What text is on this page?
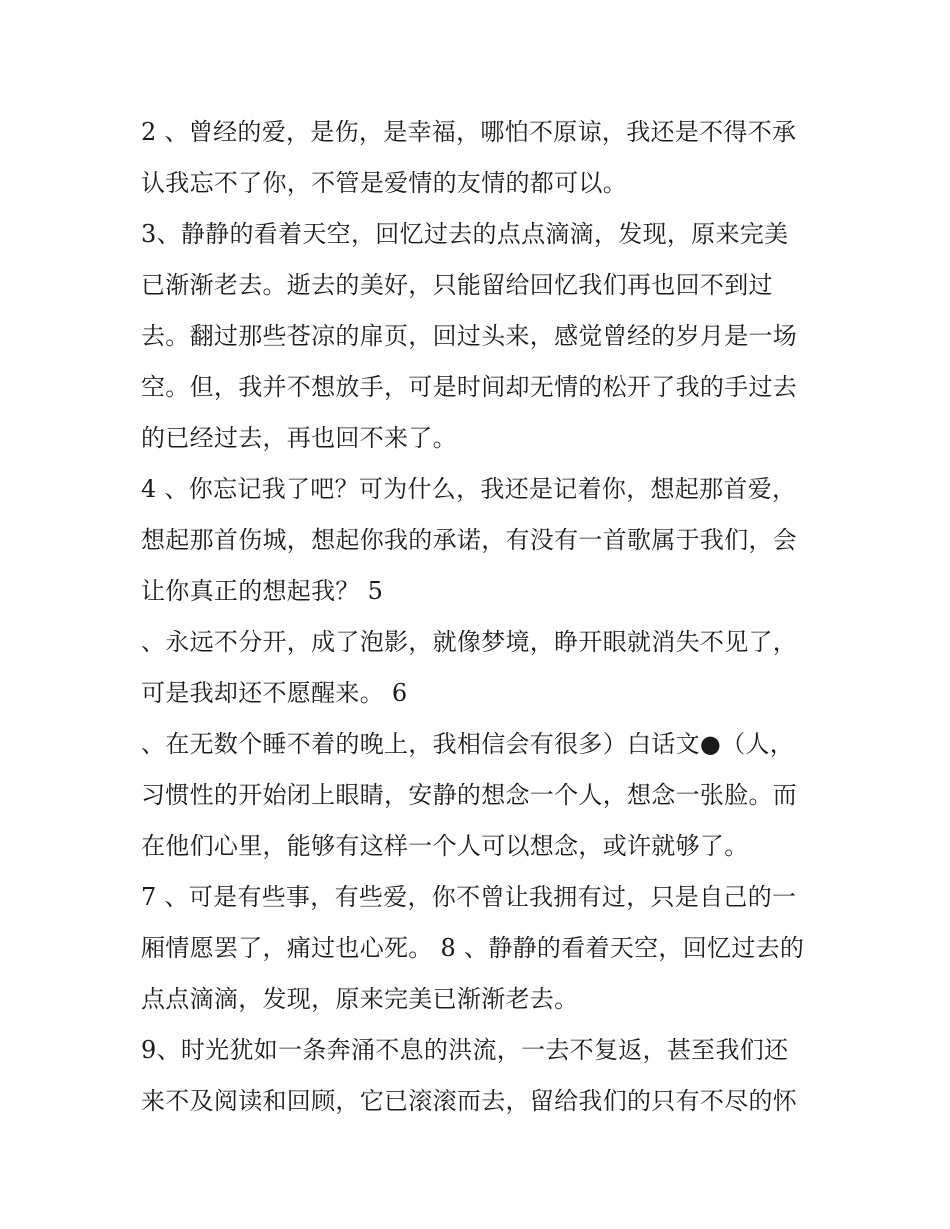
2 、曾经的爱，是伤，是幸福，哪怕不原谅，我还是不得不承
认我忘不了你，不管是爱情的友情的都可以。
3、静静的看着天空，回忆过去的点点滴滴，发现，原来完美
已渐渐老去。逝去的美好，只能留给回忆我们再也回不到过
去。翻过那些苍凉的扉页，回过头来，感觉曾经的岁月是一场
空。但，我并不想放手，可是时间却无情的松开了我的手过去
的已经过去，再也回不来了。
4 、你忘记我了吧？可为什么，我还是记着你，想起那首爱，
想起那首伤城，想起你我的承诺，有没有一首歌属于我们，会
让你真正的想起我？ 5
、永远不分开，成了泡影，就像梦境，睁开眼就消失不见了，
可是我却还不愿醒来。 6
、在无数个睡不着的晚上，我相信会有很多）白话文●（人，
习惯性的开始闭上眼睛，安静的想念一个人，想念一张脸。而
在他们心里，能够有这样一个人可以想念，或许就够了。
7 、可是有些事，有些爱，你不曾让我拥有过，只是自己的一
厢情愿罢了，痛过也心死。 8 、静静的看着天空，回忆过去的
点点滴滴，发现，原来完美已渐渐老去。
9、时光犹如一条奔涌不息的洪流，一去不复返，甚至我们还
来不及阅读和回顾，它已滚滚而去，留给我们的只有不尽的怀
